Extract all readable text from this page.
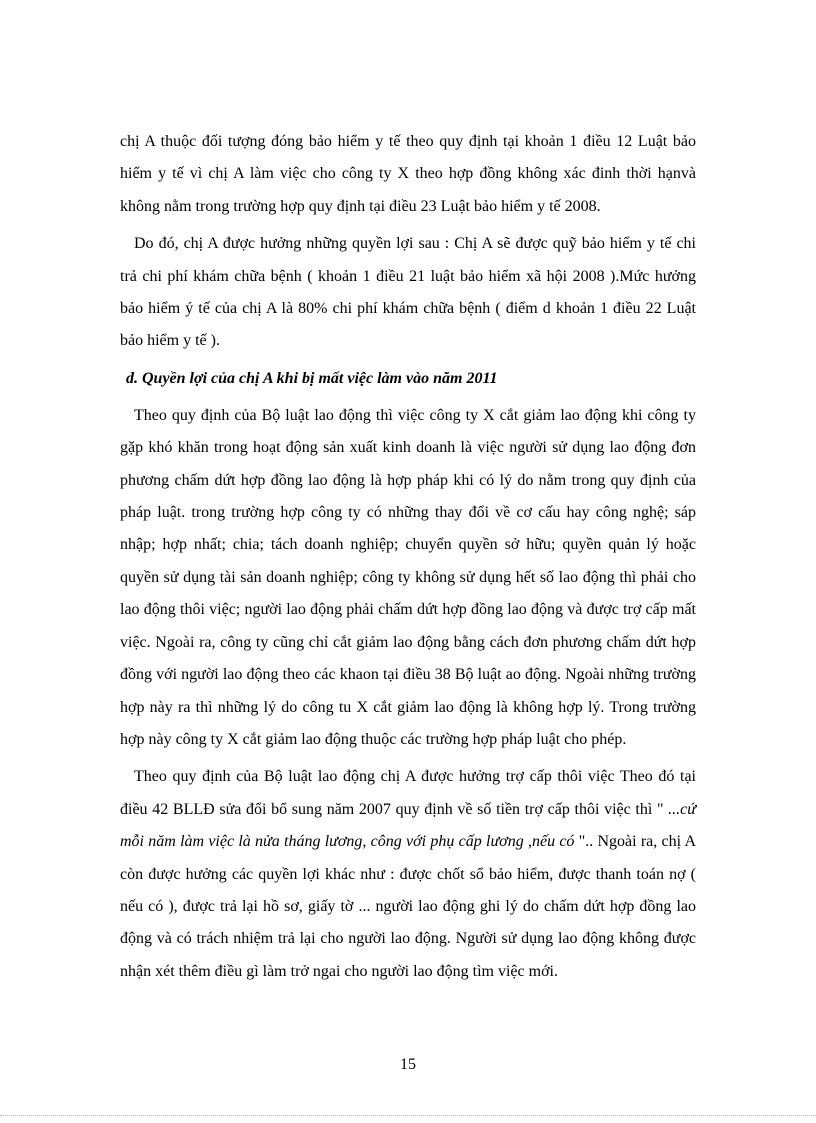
chị A thuộc đối tượng đóng bảo hiểm y tế theo quy định tại khoản 1 điều 12 Luật bảo hiểm y tế vì chị A làm việc cho công ty X theo hợp đồng không xác đinh thời hạnvà không nằm trong trường hợp quy định tại điều 23 Luật bảo hiểm y tế 2008.

Do đó, chị A được hưởng những quyền lợi sau : Chị A sẽ được quỹ bảo hiểm y tế chi trả chi phí khám chữa bệnh ( khoản 1 điều 21 luật bảo hiểm xã hội 2008 ).Mức hưởng bảo hiểm ý tế của chị A là 80% chi phí khám chữa bệnh ( điểm d khoản 1 điều 22 Luật bảo hiểm y tế ).

d. Quyền lợi của chị A khi bị mất việc làm vào năm 2011

Theo quy định của Bộ luật lao động thì việc công ty X cắt giảm lao động khi công ty gặp khó khăn trong hoạt động sản xuất kinh doanh là việc người sử dụng lao động đơn phương chấm dứt hợp đồng lao động là hợp pháp khi có lý do nằm trong quy định của pháp luật. trong trường hợp công ty có những thay đổi về cơ cấu hay công nghệ; sáp nhập; hợp nhất; chia; tách doanh nghiệp; chuyển quyền sở hữu; quyền quản lý hoặc quyền sử dụng tài sản doanh nghiệp; công ty không sử dụng hết số lao động thì phải cho lao động thôi việc; người lao động phải chấm dứt hợp đồng lao động và được trợ cấp mất việc. Ngoài ra, công ty cũng chỉ cắt giảm lao động bằng cách đơn phương chấm dứt hợp đồng với người lao động theo các khaon tại điều 38 Bộ luật ao động. Ngoài những trường hợp này ra thì những lý do công tu X cắt giảm lao động là không hợp lý. Trong trường hợp này công ty X cắt giảm lao động thuộc các trường hợp pháp luật cho phép.

Theo quy định của Bộ luật lao động chị A được hưởng trợ cấp thôi việc Theo đó tại điều 42 BLLĐ sửa đổi bổ sung năm 2007 quy định về số tiền trợ cấp thôi việc thì " ...cứ mỗi năm làm việc là nửa tháng lương, công với phụ cấp lương ,nếu có ".. Ngoài ra, chị A còn được hưởng các quyền lợi khác như : được chốt sổ bảo hiểm, được thanh toán nợ ( nếu có ), được trả lại hồ sơ, giấy tờ ... người lao động ghi lý do chấm dứt hợp đồng lao động và có trách nhiệm trả lại cho người lao động. Người sử dụng lao động không được nhận xét thêm điều gì làm trở ngai cho người lao động tìm việc mới.

15
